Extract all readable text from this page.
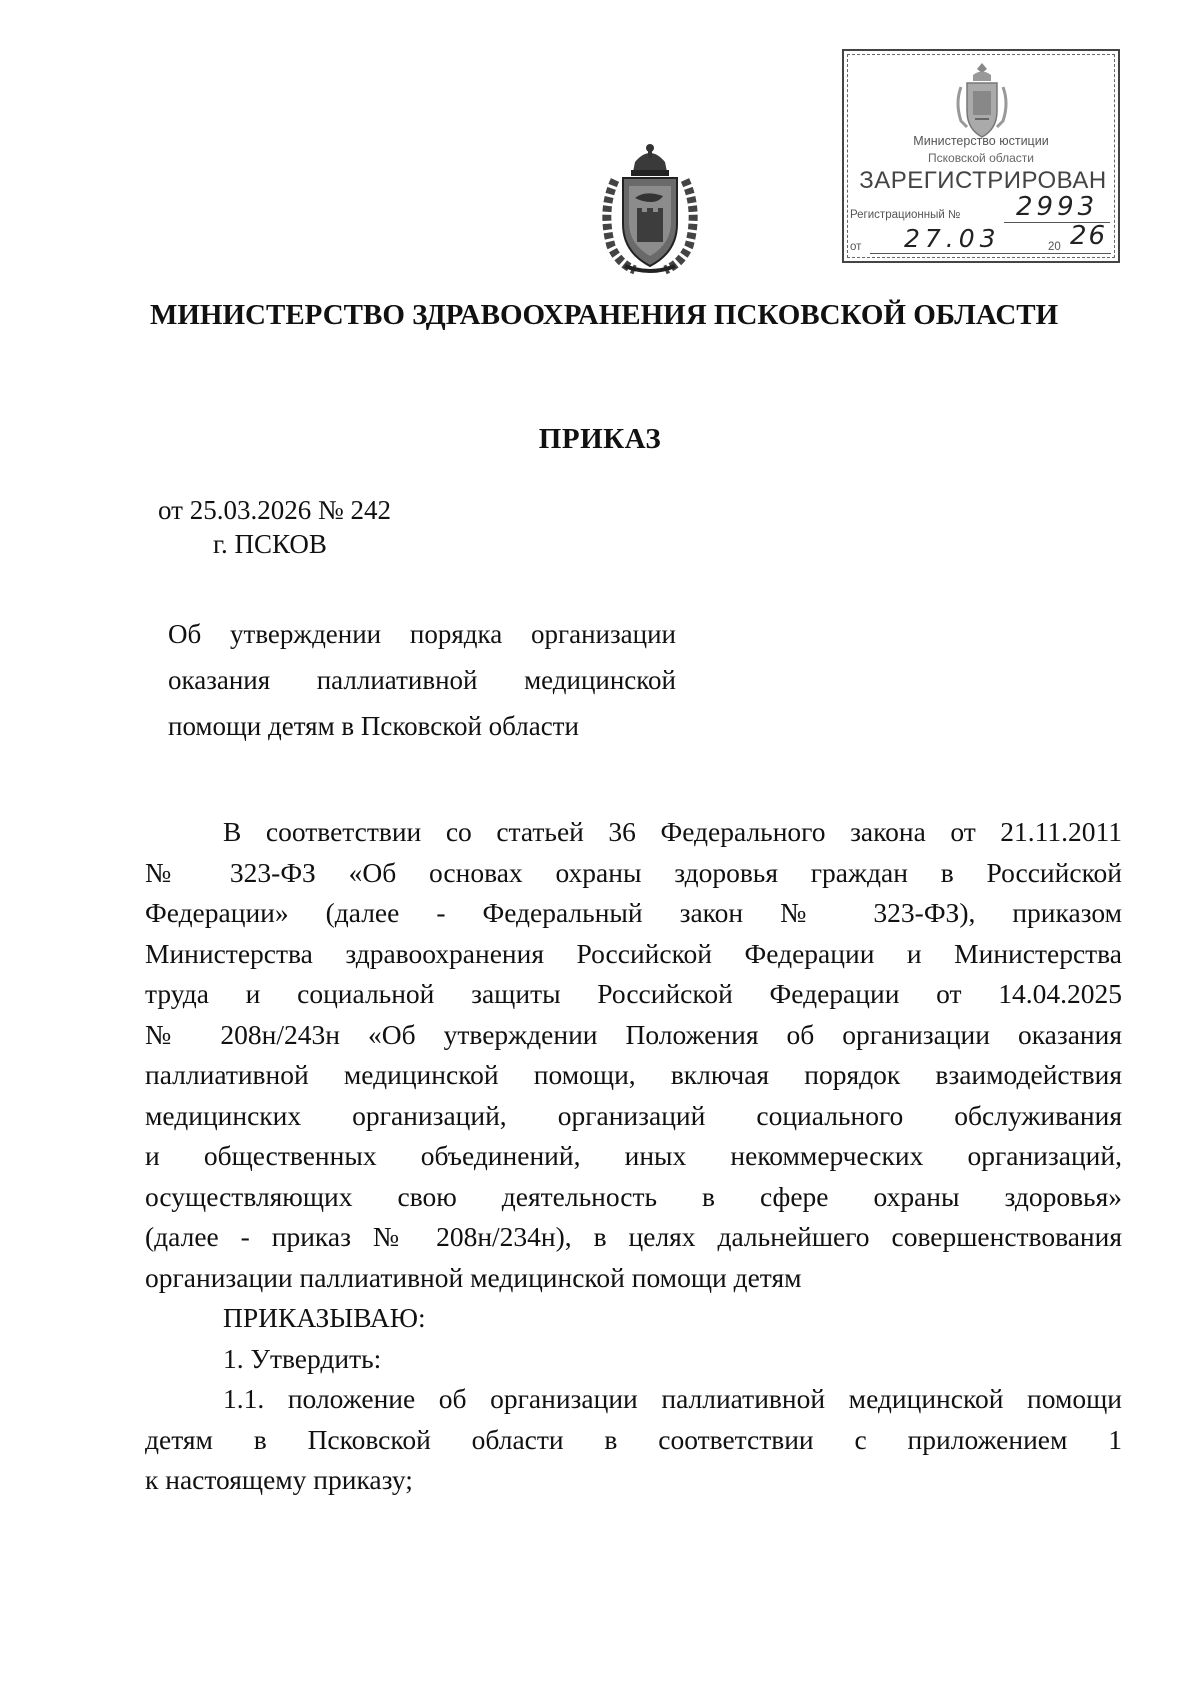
Министерство юстиции
Псковской области
ЗАРЕГИСТРИРОВАН
Регистрационный № 2993
от 27.03	20 26
МИНИСТЕРСТВО ЗДРАВООХРАНЕНИЯ ПСКОВСКОЙ ОБЛАСТИ
ПРИКАЗ
от 25.03.2026 № 242
г. ПСКОВ
Об утверждении порядка организации
оказания паллиативной медицинской
помощи детям в Псковской области
В соответствии со статьей 36 Федерального закона от 21.11.2011
№ 323-ФЗ «Об основах охраны здоровья граждан в Российской
Федерации» (далее - Федеральный закон № 323-ФЗ), приказом
Министерства здравоохранения Российской Федерации и Министерства
труда и социальной защиты Российской Федерации от 14.04.2025
№ 208н/243н «Об утверждении Положения об организации оказания
паллиативной медицинской помощи, включая порядок взаимодействия
медицинских организаций, организаций социального обслуживания
и общественных объединений, иных некоммерческих организаций,
осуществляющих свою деятельность в сфере охраны здоровья»
(далее - приказ № 208н/234н), в целях дальнейшего совершенствования
организации паллиативной медицинской помощи детям
ПРИКАЗЫВАЮ:
1. Утвердить:
1.1. положение об организации паллиативной медицинской помощи
детям в Псковской области в соответствии с приложением 1
к настоящему приказу;
